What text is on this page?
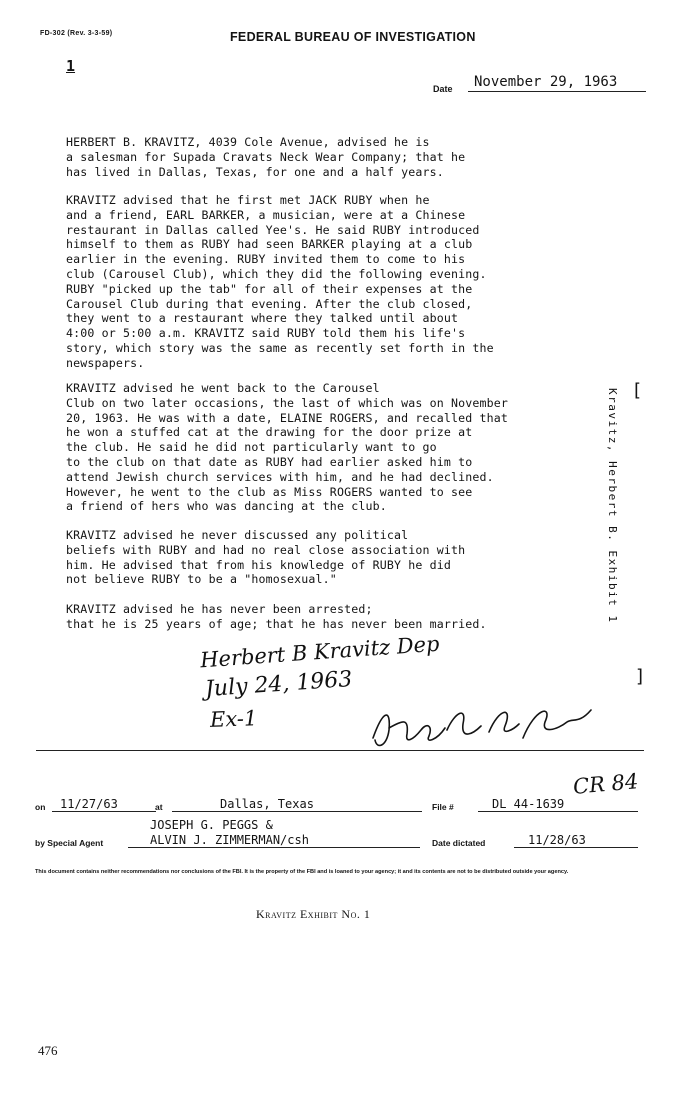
FD-302 (Rev. 3-3-59)	FEDERAL BUREAU OF INVESTIGATION
1
Date	November 29, 1963
HERBERT B. KRAVITZ, 4039 Cole Avenue, advised he is
a salesman for Supada Cravats Neck Wear Company; that he
has lived in Dallas, Texas, for one and a half years.
KRAVITZ advised that he first met JACK RUBY when he
and a friend, EARL BARKER, a musician, were at a Chinese
restaurant in Dallas called Yee's. He said RUBY introduced
himself to them as RUBY had seen BARKER playing at a club
earlier in the evening. RUBY invited them to come to his
club (Carousel Club), which they did the following evening.
RUBY "picked up the tab" for all of their expenses at the
Carousel Club during that evening. After the club closed,
they went to a restaurant where they talked until about
4:00 or 5:00 a.m. KRAVITZ said RUBY told them his life's
story, which story was the same as recently set forth in the
newspapers.
KRAVITZ advised he went back to the Carousel
Club on two later occasions, the last of which was on November
20, 1963. He was with a date, ELAINE ROGERS, and recalled that
he won a stuffed cat at the drawing for the door prize at
the club. He said he did not particularly want to go
to the club on that date as RUBY had earlier asked him to
attend Jewish church services with him, and he had declined.
However, he went to the club as Miss ROGERS wanted to see
a friend of hers who was dancing at the club.
KRAVITZ advised he never discussed any political
beliefs with RUBY and had no real close association with
him. He advised that from his knowledge of RUBY he did
not believe RUBY to be a "homosexual."
KRAVITZ advised he has never been arrested;
that he is 25 years of age; that he has never been married.
[
Kravitz, Herbert B. Exhibit 1
]
Herbert B Kravitz Dep
July 24, 1963
Ex-1
CR 84
on	11/27/63	at	Dallas, Texas	File #	DL 44-1639
JOSEPH G. PEGGS &
by Special Agent	ALVIN J. ZIMMERMAN/csh	Date dictated	11/28/63
This document contains neither recommendations nor conclusions of the FBI. It is the property of the FBI and is loaned to your agency; it and its contents are not to be distributed outside your agency.
Kravitz Exhibit No. 1
476
